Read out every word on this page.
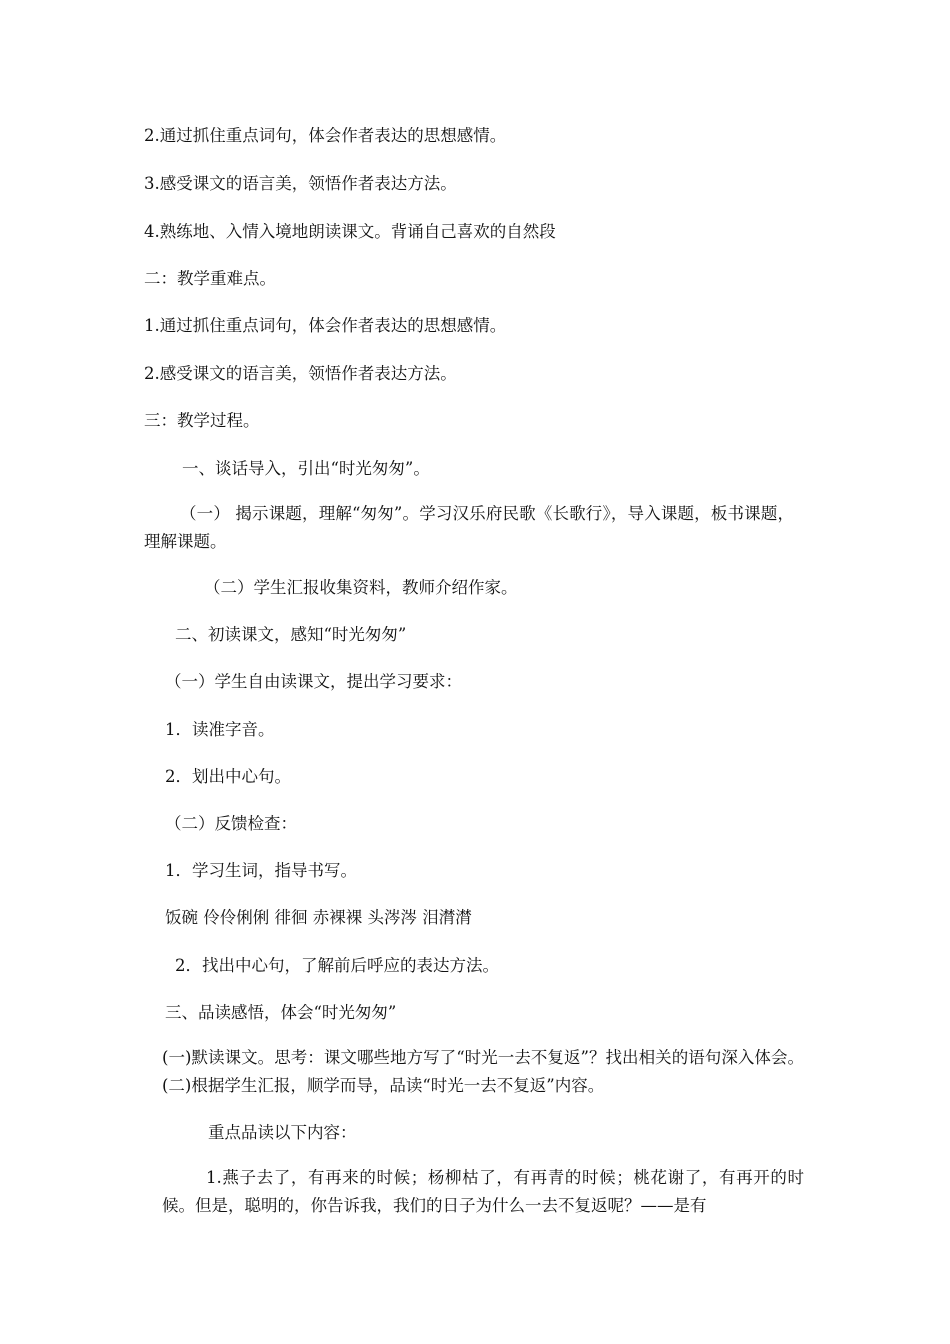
2.通过抓住重点词句，体会作者表达的思想感情。
3.感受课文的语言美，领悟作者表达方法。
4.熟练地、入情入境地朗读课文。背诵自己喜欢的自然段
二：教学重难点。
1.通过抓住重点词句，体会作者表达的思想感情。
2.感受课文的语言美，领悟作者表达方法。
三：教学过程。
一、谈话导入，引出“时光匆匆”。
（一） 揭示课题，理解“匆匆”。学习汉乐府民歌《长歌行》，导入课题，板书课题，理解课题。
（二）学生汇报收集资料，教师介绍作家。
二、初读课文，感知“时光匆匆”
（一）学生自由读课文，提出学习要求：
1．读准字音。
2．划出中心句。
（二）反馈检查：
1．学习生词，指导书写。
饭碗 伶伶俐俐 徘徊 赤裸裸 头涔涔 泪潸潸
2．找出中心句，了解前后呼应的表达方法。
三、品读感悟，体会“时光匆匆”
(一)默读课文。思考：课文哪些地方写了“时光一去不复返”？找出相关的语句深入体会。(二)根据学生汇报，顺学而导，品读“时光一去不复返”内容。
重点品读以下内容：
1.燕子去了，有再来的时候；杨柳枯了，有再青的时候；桃花谢了，有再开的时候。但是，聪明的，你告诉我，我们的日子为什么一去不复返呢？——是有
